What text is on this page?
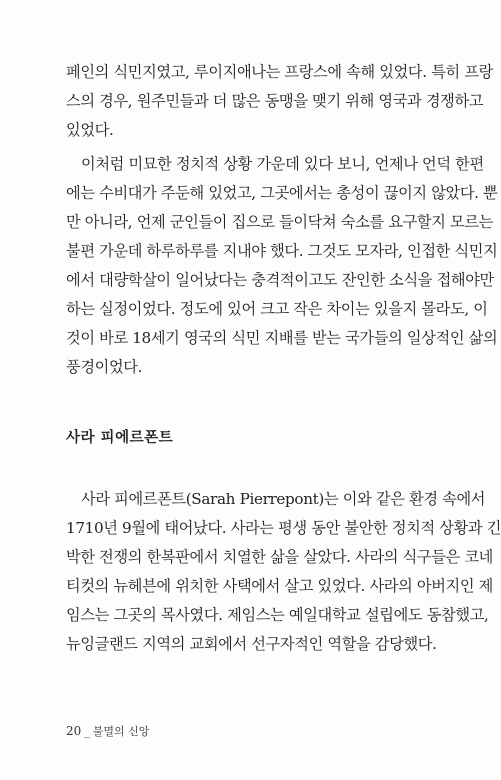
페인의 식민지였고, 루이지애나는 프랑스에 속해 있었다. 특히 프랑
스의 경우, 원주민들과 더 많은 동맹을 맺기 위해 영국과 경쟁하고
있었다.
이처럼 미묘한 정치적 상황 가운데 있다 보니, 언제나 언덕 한편
에는 수비대가 주둔해 있었고, 그곳에서는 총성이 끊이지 않았다. 뿐
만 아니라, 언제 군인들이 집으로 들이닥쳐 숙소를 요구할지 모르는
불편 가운데 하루하루를 지내야 했다. 그것도 모자라, 인접한 식민지
에서 대량학살이 일어났다는 충격적이고도 잔인한 소식을 접해야만
하는 실정이었다. 정도에 있어 크고 작은 차이는 있을지 몰라도, 이
것이 바로 18세기 영국의 식민 지배를 받는 국가들의 일상적인 삶의
풍경이었다.
사라 피에르폰트
사라 피에르폰트(Sarah Pierrepont)는 이와 같은 환경 속에서
1710년 9월에 태어났다. 사라는 평생 동안 불안한 정치적 상황과 긴
박한 전쟁의 한복판에서 치열한 삶을 살았다. 사라의 식구들은 코네
티컷의 뉴헤븐에 위치한 사택에서 살고 있었다. 사라의 아버지인 제
임스는 그곳의 목사였다. 제임스는 예일대학교 설립에도 동참했고,
뉴잉글랜드 지역의 교회에서 선구자적인 역할을 감당했다.
20 _ 불멸의 신앙
